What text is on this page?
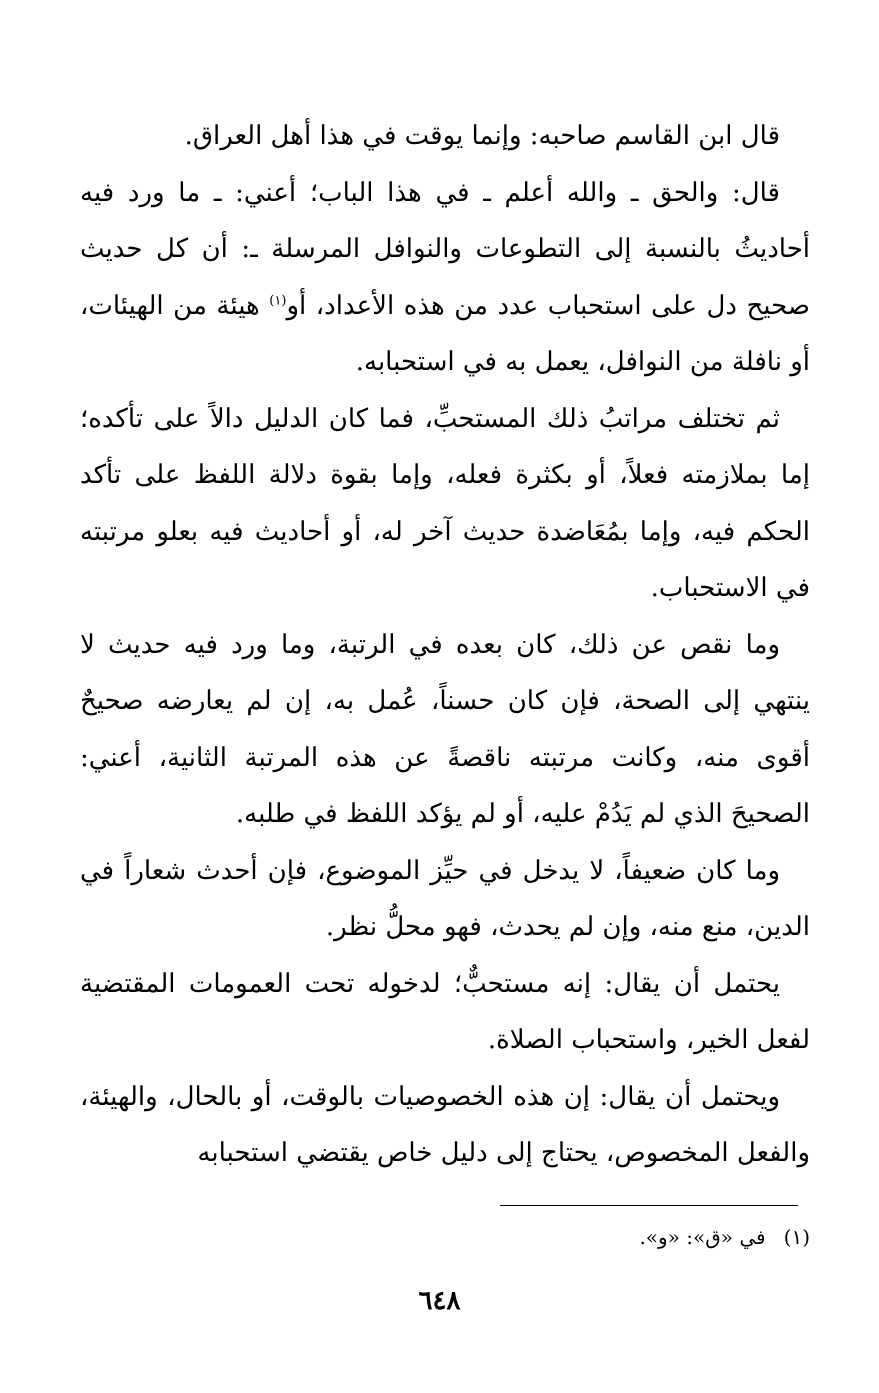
قال ابن القاسم صاحبه: وإنما يوقت في هذا أهل العراق.

قال: والحق ـ والله أعلم ـ في هذا الباب؛ أعني: ـ ما ورد فيه أحاديثُ بالنسبة إلى التطوعات والنوافل المرسلة ـ: أن كل حديث صحيح دل على استحباب عدد من هذه الأعداد، أو$^{(١)}$ هيئة من الهيئات، أو نافلة من النوافل، يعمل به في استحبابه.

ثم تختلف مراتبُ ذلك المستحبِّ، فما كان الدليل دالاً على تأكده؛ إما بملازمته فعلاً، أو بكثرة فعله، وإما بقوة دلالة اللفظ على تأكد الحكم فيه، وإما بمُعَاضدة حديث آخر له، أو أحاديث فيه بعلو مرتبته في الاستحباب.

وما نقص عن ذلك، كان بعده في الرتبة، وما ورد فيه حديث لا ينتهي إلى الصحة، فإن كان حسناً، عُمل به، إن لم يعارضه صحيحٌ أقوى منه، وكانت مرتبته ناقصةً عن هذه المرتبة الثانية، أعني: الصحيحَ الذي لم يَدُمْ عليه، أو لم يؤكد اللفظ في طلبه.

وما كان ضعيفاً، لا يدخل في حيِّز الموضوع، فإن أحدث شعاراً في الدين، منع منه، وإن لم يحدث، فهو محلُّ نظر.

يحتمل أن يقال: إنه مستحبٌّ؛ لدخوله تحت العمومات المقتضية لفعل الخير، واستحباب الصلاة.

ويحتمل أن يقال: إن هذه الخصوصيات بالوقت، أو بالحال، والهيئة، والفعل المخصوص، يحتاج إلى دليل خاص يقتضي استحبابه

(١)في «ق»: «و».
٦٤٨
